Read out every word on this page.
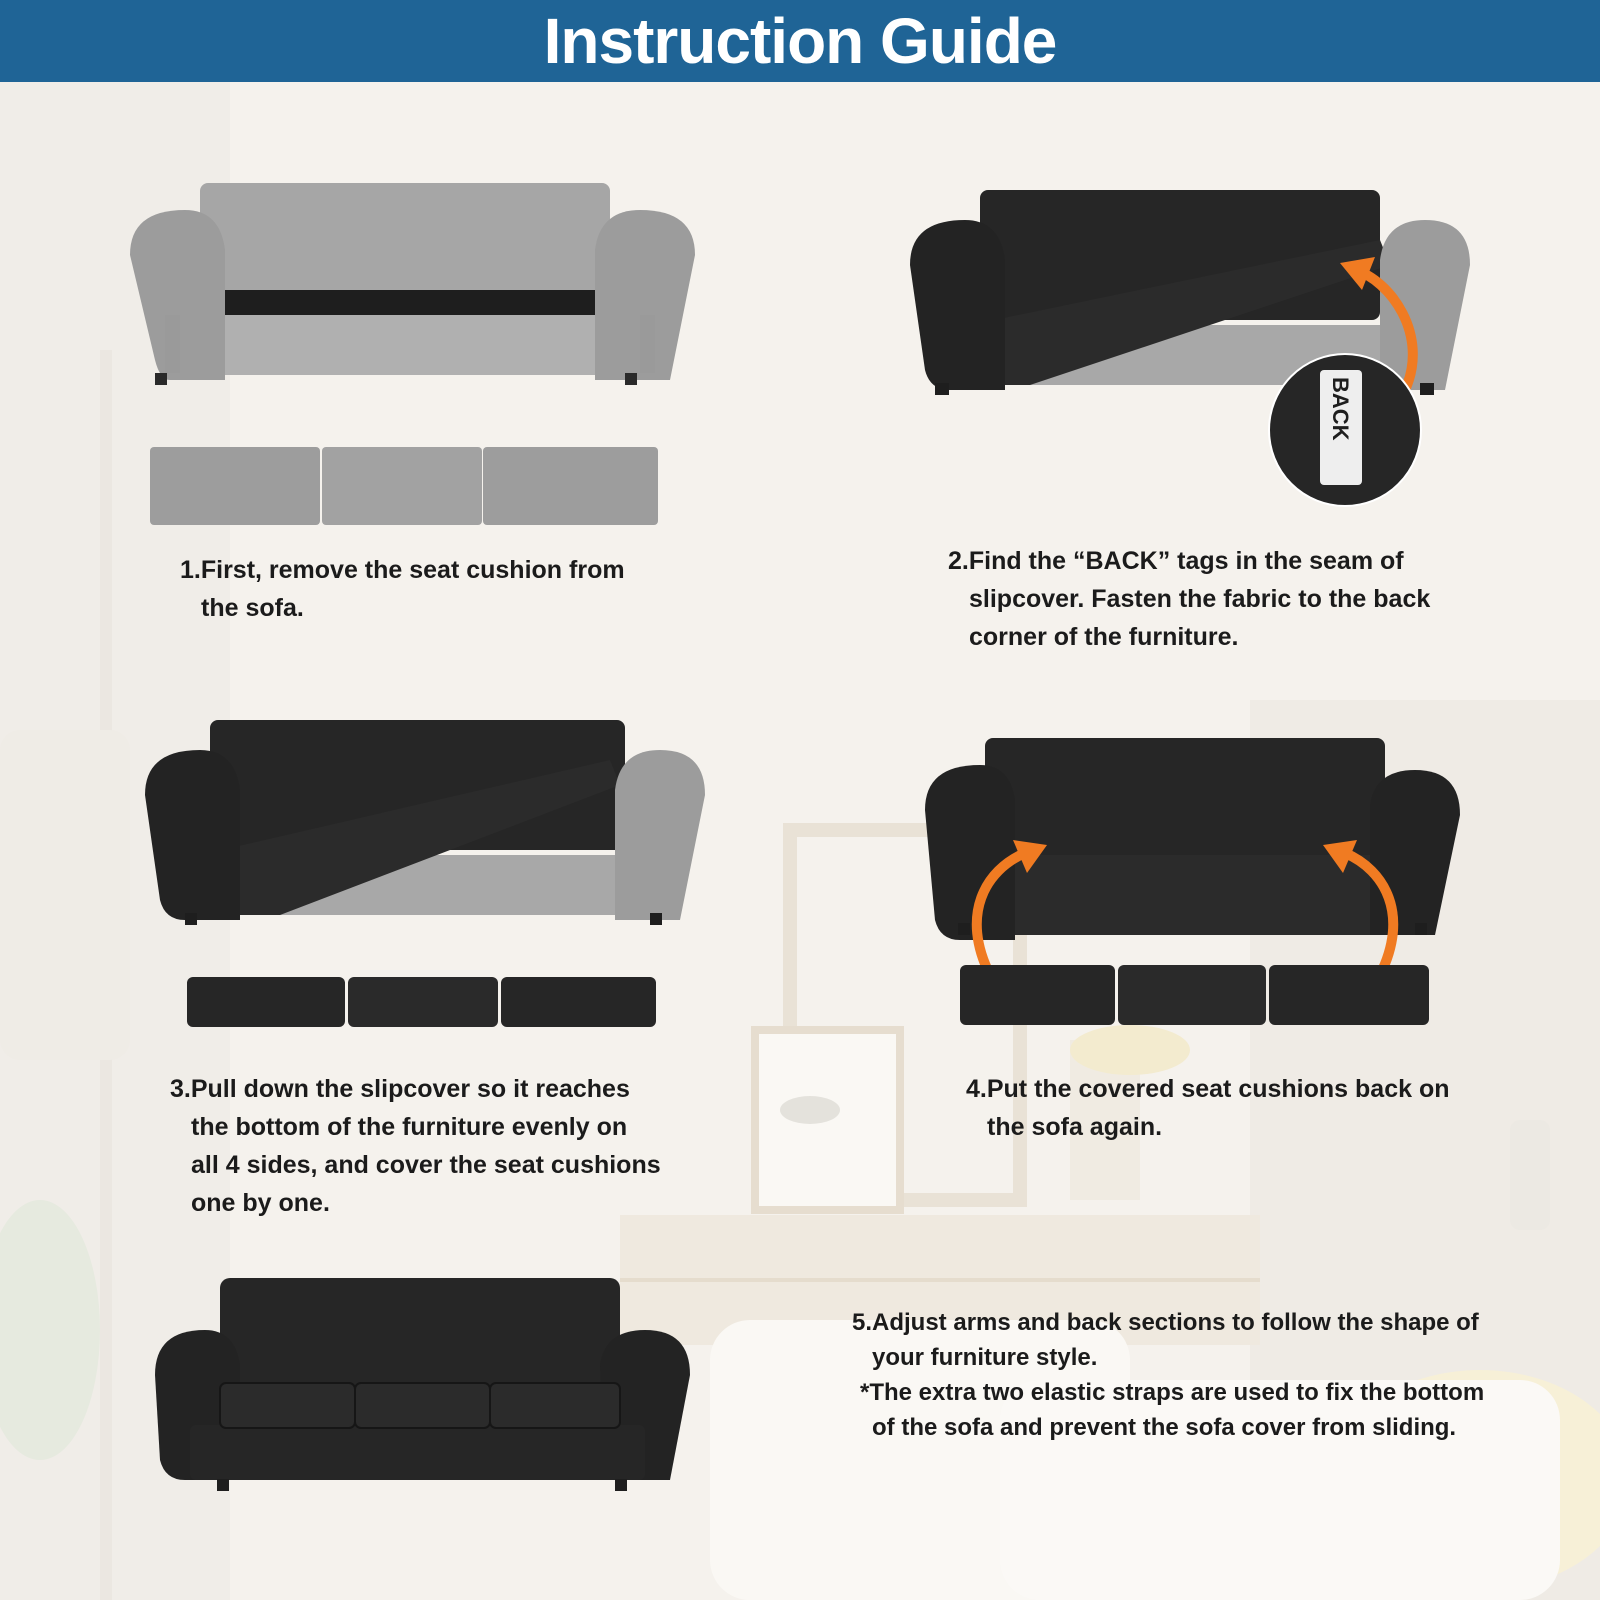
Instruction Guide
BACK
1.First, remove the seat cushion from
the sofa.
2.Find the “BACK” tags in the seam of
slipcover. Fasten the fabric to the back
corner of the furniture.
3.Pull down the slipcover so it reaches
the bottom of the furniture evenly on
all 4 sides, and cover the seat cushions
one by one.
4.Put the covered seat cushions back on
the sofa again.
5.Adjust arms and back sections to follow the shape of
your furniture style.
*The extra two elastic straps are used to fix the bottom
of the sofa and prevent the sofa cover from sliding.
